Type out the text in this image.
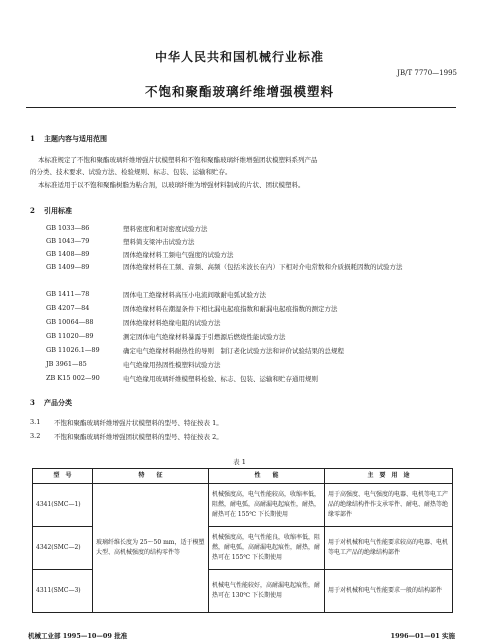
中华人民共和国机械行业标准
JB/T 7770—1995
不饱和聚酯玻璃纤维增强模塑料
1 主题内容与适用范围
本标准规定了不饱和聚酯玻璃纤维增强片状模塑料和不饱和聚酯玻璃纤维增强团状模塑料系列产品
的分类、技术要求、试验方法、检验规则、标志、包装、运输和贮存。
本标准适用于以不饱和聚酯树脂为粘合剂，以玻璃纤维为增强材料制成的片状、团状模塑料。
2 引用标准
GB 1033—86	塑料密度和相对密度试验方法
GB 1043—79	塑料简支梁冲击试验方法
GB 1408—89	固体绝缘材料工频电气强度的试验方法
GB 1409—89	固体绝缘材料在工频、音频、高频（包括米波长在内）下相对介电常数和介质损耗因数的试验方法
GB 1411—78	固体电工绝缘材料高压小电流间歇耐电弧试验方法
GB 4207—84	固体绝缘材料在潮湿条件下相比漏电起痕指数和耐漏电起痕指数的测定方法
GB 10064—88	固体绝缘材料绝缘电阻的试验方法
GB 11020—89	测定固体电气绝缘材料暴露于引燃源后燃烧性能试验方法
GB 11026.1—89	确定电气绝缘材料耐热性的导则　制订老化试验方法和评价试验结果的总规程
JB 3961—85	电气绝缘用热固性模塑料试验方法
ZB K15 002—90	电气绝缘用玻璃纤维模塑料检验、标志、包装、运输和贮存通用规则
3 产品分类
3.1 不饱和聚酯玻璃纤维增强片状模塑料的型号、特征按表 1。
3.2 不饱和聚酯玻璃纤维增强团状模塑料的型号、特征按表 2。
表 1
型　号	特　　征	性　　能	主　要　用　途
4341(SMC—1)	玻璃纤维长度为 25～50 mm，适于模塑大型、高机械强度的结构零件等	机械强度高，电气性能较高，收缩率低，阻燃，耐电弧，高耐漏电起痕性，耐热，耐热可在 155℃ 下长期使用	用于高强度、电气强度的电器、电机等电工产品的绝缘结构件作支承零件、耐电、耐热等绝缘零部件
4342(SMC—2)		机械强度高，电气性能良，收缩率低，阻燃，耐电弧，高耐漏电起痕性，耐热，耐热可在 155℃ 下长期使用	用于对机械和电气性能要求较高的电器、电机等电工产品的绝缘结构部件
4311(SMC—3)		机械电气性能较好，高耐漏电起痕性，耐热可在 130℃ 下长期使用	用于对机械和电气性能要求一般的结构部件
机械工业部 1995—10—09 批准	1996—01—01 实施
